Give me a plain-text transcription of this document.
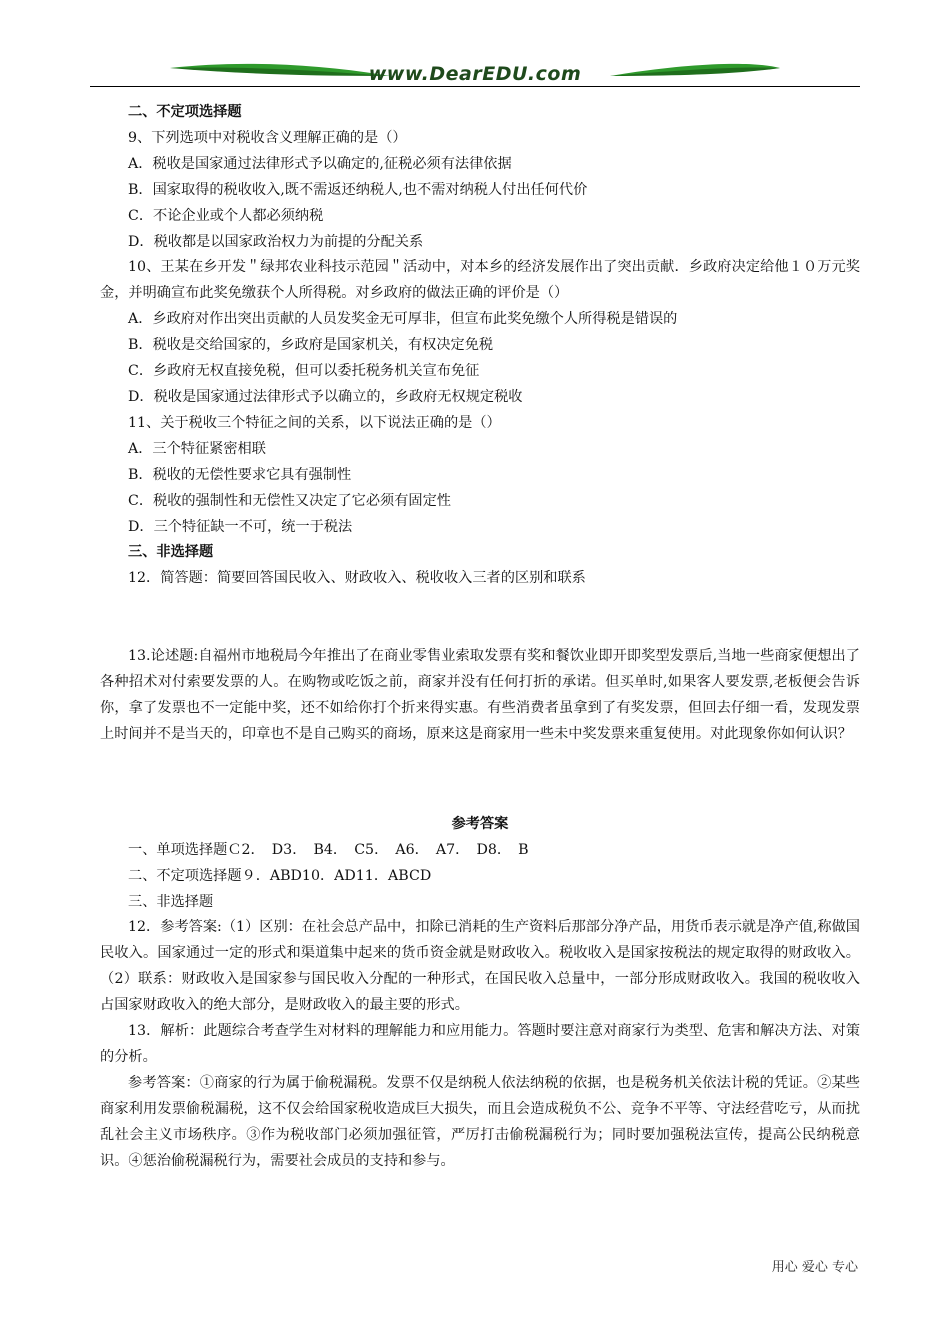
www.DearEDU.com

二、不定项选择题

9、下列选项中对税收含义理解正确的是（）

A．税收是国家通过法律形式予以确定的,征税必须有法律依据

B．国家取得的税收收入,既不需返还纳税人,也不需对纳税人付出任何代价

C．不论企业或个人都必须纳税

D．税收都是以国家政治权力为前提的分配关系

10、王某在乡开发＂绿邦农业科技示范园＂活动中，对本乡的经济发展作出了突出贡献．乡政府决定给他１０万元奖金，并明确宣布此奖免缴获个人所得税。对乡政府的做法正确的评价是（）

A．乡政府对作出突出贡献的人员发奖金无可厚非，但宣布此奖免缴个人所得税是错误的

B．税收是交给国家的，乡政府是国家机关，有权决定免税

C．乡政府无权直接免税，但可以委托税务机关宣布免征

D．税收是国家通过法律形式予以确立的，乡政府无权规定税收

11、关于税收三个特征之间的关系，以下说法正确的是（）

A．三个特征紧密相联

B．税收的无偿性要求它具有强制性

C．税收的强制性和无偿性又决定了它必须有固定性

D．三个特征缺一不可，统一于税法

三、非选择题

12．简答题：简要回答国民收入、财政收入、税收收入三者的区别和联系

13.论述题:自福州市地税局今年推出了在商业零售业索取发票有奖和餐饮业即开即奖型发票后,当地一些商家便想出了各种招术对付索要发票的人。在购物或吃饭之前，商家并没有任何打折的承诺。但买单时,如果客人要发票,老板便会告诉你，拿了发票也不一定能中奖，还不如给你打个折来得实惠。有些消费者虽拿到了有奖发票，但回去仔细一看，发现发票上时间并不是当天的，印章也不是自己购买的商场，原来这是商家用一些未中奖发票来重复使用。对此现象你如何认识？

参考答案

一、单项选择题Ｃ2．　D3．　B4．　C5．　A6．　A7．　D8．　B

二、不定项选择题９．ABD10．AD11．ABCD

三、非选择题

12．参考答案:（1）区别：在社会总产品中，扣除已消耗的生产资料后那部分净产品，用货币表示就是净产值,称做国民收入。国家通过一定的形式和渠道集中起来的货币资金就是财政收入。税收收入是国家按税法的规定取得的财政收入。（2）联系：财政收入是国家参与国民收入分配的一种形式，在国民收入总量中，一部分形成财政收入。我国的税收收入占国家财政收入的绝大部分，是财政收入的最主要的形式。

13．解析：此题综合考查学生对材料的理解能力和应用能力。答题时要注意对商家行为类型、危害和解决方法、对策的分析。

参考答案：①商家的行为属于偷税漏税。发票不仅是纳税人依法纳税的依据，也是税务机关依法计税的凭证。②某些商家利用发票偷税漏税，这不仅会给国家税收造成巨大损失，而且会造成税负不公、竞争不平等、守法经营吃亏，从而扰乱社会主义市场秩序。③作为税收部门必须加强征管，严厉打击偷税漏税行为；同时要加强税法宣传，提高公民纳税意识。④惩治偷税漏税行为，需要社会成员的支持和参与。

用心 爱心 专心
